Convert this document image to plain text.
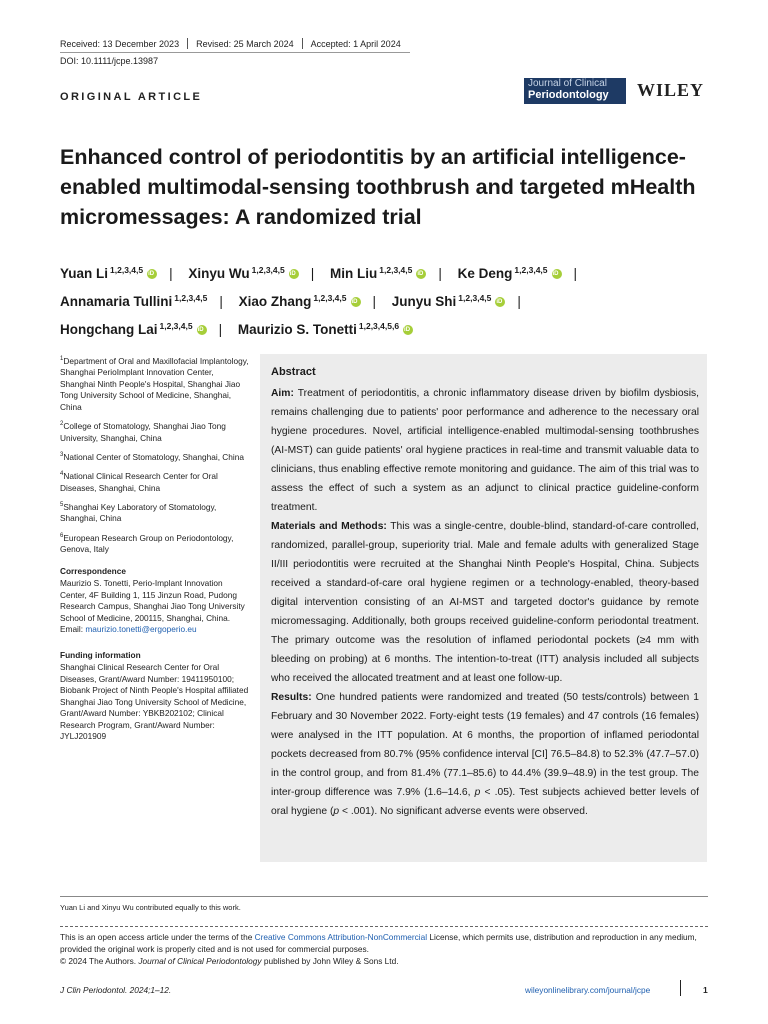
Received: 13 December 2023 Revised: 25 March 2024 Accepted: 1 April 2024
DOI: 10.1111/jcpe.13987
ORIGINAL ARTICLE
Journal of Clinical
Periodontology WILEY
Enhanced control of periodontitis by an artificial intelligence-enabled multimodal-sensing toothbrush and targeted mHealth micromessages: A randomized trial
Yuan Li $^{1,2,3,4,5}$ iD | Xinyu Wu $^{1,2,3,4,5}$ iD | Min Liu $^{1,2,3,4,5}$ iD | Ke Deng $^{1,2,3,4,5}$ iD |
Annamaria Tullini $^{1,2,3,4,5}$ | Xiao Zhang $^{1,2,3,4,5}$ iD | Junyu Shi $^{1,2,3,4,5}$ iD |
Hongchang Lai $^{1,2,3,4,5}$ iD | Maurizio S. Tonetti $^{1,2,3,4,5,6}$iD
$^1$Department of Oral and Maxillofacial Implantology, Shanghai PerioImplant Innovation Center, Shanghai Ninth People's Hospital, Shanghai Jiao Tong University School of Medicine, Shanghai, China
$^2$College of Stomatology, Shanghai Jiao Tong University, Shanghai, China
$^3$National Center of Stomatology, Shanghai, China
$^4$National Clinical Research Center for Oral Diseases, Shanghai, China
$^5$Shanghai Key Laboratory of Stomatology, Shanghai, China
$^6$European Research Group on Periodontology, Genova, Italy
Correspondence
Maurizio S. Tonetti, Perio-Implant Innovation Center, 4F Building 1, 115 Jinzun Road, Pudong Research Campus, Shanghai Jiao Tong University School of Medicine, 200115, Shanghai, China.
Email: maurizio.tonetti@ergoperio.eu
Funding information
Shanghai Clinical Research Center for Oral Diseases, Grant/Award Number: 19411950100; Biobank Project of Ninth People's Hospital affiliated Shanghai Jiao Tong University School of Medicine, Grant/Award Number: YBKB202102; Clinical Research Program, Grant/Award Number: JYLJ201909
Abstract
Aim: Treatment of periodontitis, a chronic inflammatory disease driven by biofilm dysbiosis, remains challenging due to patients' poor performance and adherence to the necessary oral hygiene procedures. Novel, artificial intelligence-enabled multimodal-sensing toothbrushes (AI-MST) can guide patients' oral hygiene practices in real-time and transmit valuable data to clinicians, thus enabling effective remote monitoring and guidance. The aim of this trial was to assess the effect of such a system as an adjunct to clinical practice guideline-conform treatment.
Materials and Methods: This was a single-centre, double-blind, standard-of-care controlled, randomized, parallel-group, superiority trial. Male and female adults with generalized Stage II/III periodontitis were recruited at the Shanghai Ninth People's Hospital, China. Subjects received a standard-of-care oral hygiene regimen or a technology-enabled, theory-based digital intervention consisting of an AI-MST and targeted doctor's guidance by remote micromessaging. Additionally, both groups received guideline-conform periodontal treatment. The primary outcome was the resolution of inflamed periodontal pockets (≥4 mm with bleeding on probing) at 6 months. The intention-to-treat (ITT) analysis included all subjects who received the allocated treatment and at least one follow-up.
Results: One hundred patients were randomized and treated (50 tests/controls) between 1 February and 30 November 2022. Forty-eight tests (19 females) and 47 controls (16 females) were analysed in the ITT population. At 6 months, the proportion of inflamed periodontal pockets decreased from 80.7% (95% confidence interval [CI] 76.5–84.8) to 52.3% (47.7–57.0) in the control group, and from 81.4% (77.1–85.6) to 44.4% (39.9–48.9) in the test group. The inter-group difference was 7.9% (1.6–14.6, p < .05). Test subjects achieved better levels of oral hygiene (p < .001). No significant adverse events were observed.
Yuan Li and Xinyu Wu contributed equally to this work.
This is an open access article under the terms of the Creative Commons Attribution-NonCommercial License, which permits use, distribution and reproduction in any medium, provided the original work is properly cited and is not used for commercial purposes.
© 2024 The Authors. Journal of Clinical Periodontology published by John Wiley & Sons Ltd.
J Clin Periodontol. 2024;1–12.	wileyonlinelibrary.com/journal/jcpe	1
